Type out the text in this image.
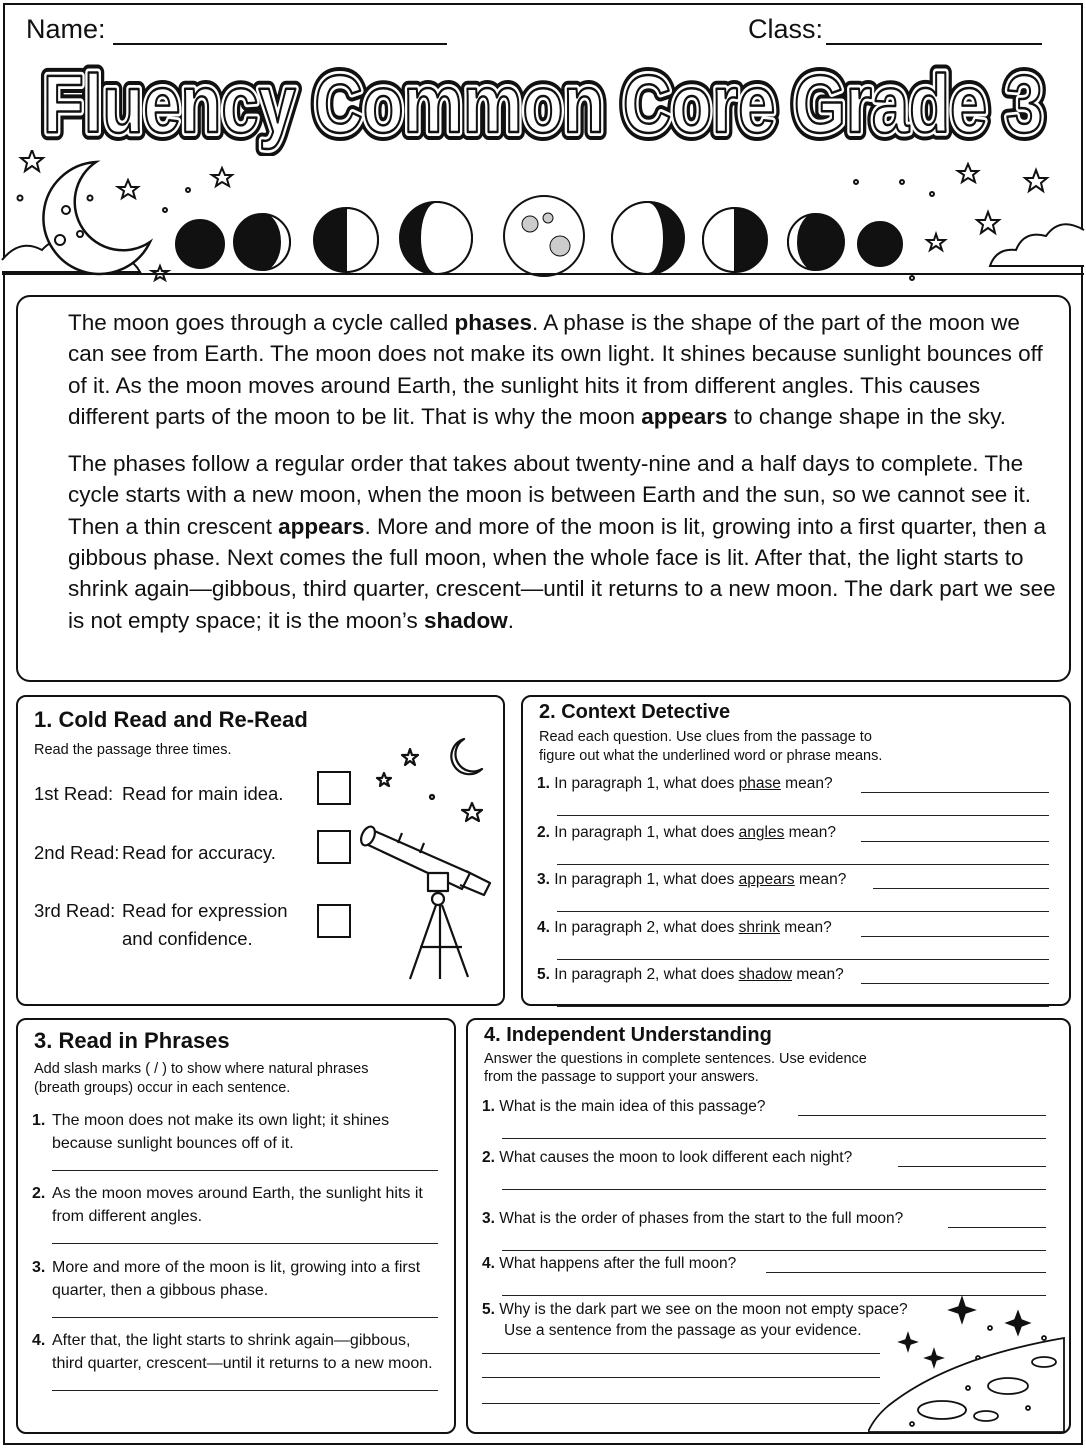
Name:	Class:
Fluency Common Core Grade 3
Fluency Common Core Grade 3
Fluency Common Core Grade 3

The moon goes through a cycle called phases. A phase is the shape of the part of the moon we can see from Earth. The moon does not make its own light. It shines because sunlight bounces off of it. As the moon moves around Earth, the sunlight hits it from different angles. This causes different parts of the moon to be lit. That is why the moon appears to change shape in the sky.

The phases follow a regular order that takes about twenty-nine and a half days to complete. The cycle starts with a new moon, when the moon is between Earth and the sun, so we cannot see it. Then a thin crescent appears. More and more of the moon is lit, growing into a first quarter, then a gibbous phase. Next comes the full moon, when the whole face is lit. After that, the light starts to shrink again—gibbous, third quarter, crescent—until it returns to a new moon. The dark part we see is not empty space; it is the moon’s shadow.

1. Cold Read and Re-Read
Read the passage three times.
1st Read: Read for main idea.
2nd Read: Read for accuracy.
3rd Read: Read for expression
and confidence.
2. Context Detective
Read each question. Use clues from the passage to
figure out what the underlined word or phrase means.
1. In paragraph 1, what does phase mean?
2. In paragraph 1, what does angles mean?
3. In paragraph 1, what does appears mean?
4. In paragraph 2, what does shrink mean?
5. In paragraph 2, what does shadow mean?
3. Read in Phrases
Add slash marks ( / ) to show where natural phrases
(breath groups) occur in each sentence.
1. The moon does not make its own light; it shines because sunlight bounces off of it.
2. As the moon moves around Earth, the sunlight hits it from different angles.
3. More and more of the moon is lit, growing into a first quarter, then a gibbous phase.
4. After that, the light starts to shrink again—gibbous, third quarter, crescent—until it returns to a new moon.
4. Independent Understanding
Answer the questions in complete sentences. Use evidence
from the passage to support your answers.
1. What is the main idea of this passage?
2. What causes the moon to look different each night?
3. What is the order of phases from the start to the full moon?
4. What happens after the full moon?
5. Why is the dark part we see on the moon not empty space?
Use a sentence from the passage as your evidence.
